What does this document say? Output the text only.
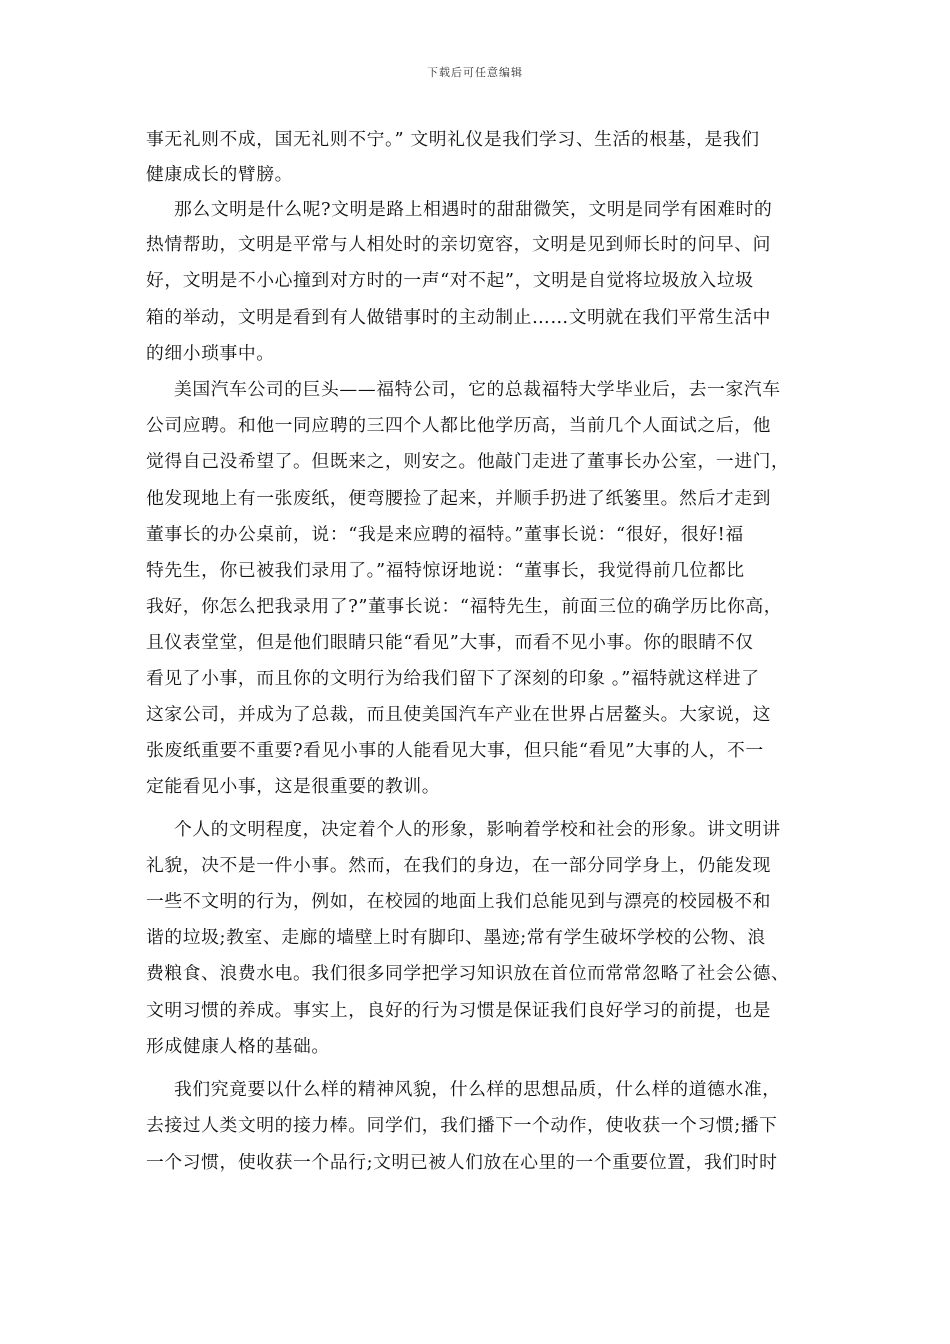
下载后可任意编辑
事无礼则不成，国无礼则不宁。” 文明礼仪是我们学习、生活的根基，是我们
健康成长的臂膀。
那么文明是什么呢?文明是路上相遇时的甜甜微笑，文明是同学有困难时的
热情帮助，文明是平常与人相处时的亲切宽容，文明是见到师长时的问早、问
好，文明是不小心撞到对方时的一声“对不起”，文明是自觉将垃圾放入垃圾
箱的举动，文明是看到有人做错事时的主动制止……文明就在我们平常生活中
的细小琐事中。
美国汽车公司的巨头——福特公司，它的总裁福特大学毕业后，去一家汽车
公司应聘。和他一同应聘的三四个人都比他学历高，当前几个人面试之后，他
觉得自己没希望了。但既来之，则安之。他敲门走进了董事长办公室，一进门，
他发现地上有一张废纸，便弯腰捡了起来，并顺手扔进了纸篓里。然后才走到
董事长的办公桌前，说：“我是来应聘的福特。”董事长说：“很好，很好!福
特先生，你已被我们录用了。”福特惊讶地说：“董事长，我觉得前几位都比
我好，你怎么把我录用了?”董事长说：“福特先生，前面三位的确学历比你高，
且仪表堂堂，但是他们眼睛只能“看见”大事，而看不见小事。你的眼睛不仅
看见了小事，而且你的文明行为给我们留下了深刻的印象 。”福特就这样进了
这家公司，并成为了总裁，而且使美国汽车产业在世界占居鳌头。大家说，这
张废纸重要不重要?看见小事的人能看见大事，但只能“看见”大事的人，不一
定能看见小事，这是很重要的教训。
个人的文明程度，决定着个人的形象，影响着学校和社会的形象。讲文明讲
礼貌，决不是一件小事。然而，在我们的身边，在一部分同学身上，仍能发现
一些不文明的行为，例如，在校园的地面上我们总能见到与漂亮的校园极不和
谐的垃圾;教室、走廊的墙壁上时有脚印、墨迹;常有学生破坏学校的公物、浪
费粮食、浪费水电。我们很多同学把学习知识放在首位而常常忽略了社会公德、
文明习惯的养成。事实上，良好的行为习惯是保证我们良好学习的前提，也是
形成健康人格的基础。
我们究竟要以什么样的精神风貌，什么样的思想品质，什么样的道德水准，
去接过人类文明的接力棒。同学们，我们播下一个动作，使收获一个习惯;播下
一个习惯，使收获一个品行;文明已被人们放在心里的一个重要位置，我们时时
